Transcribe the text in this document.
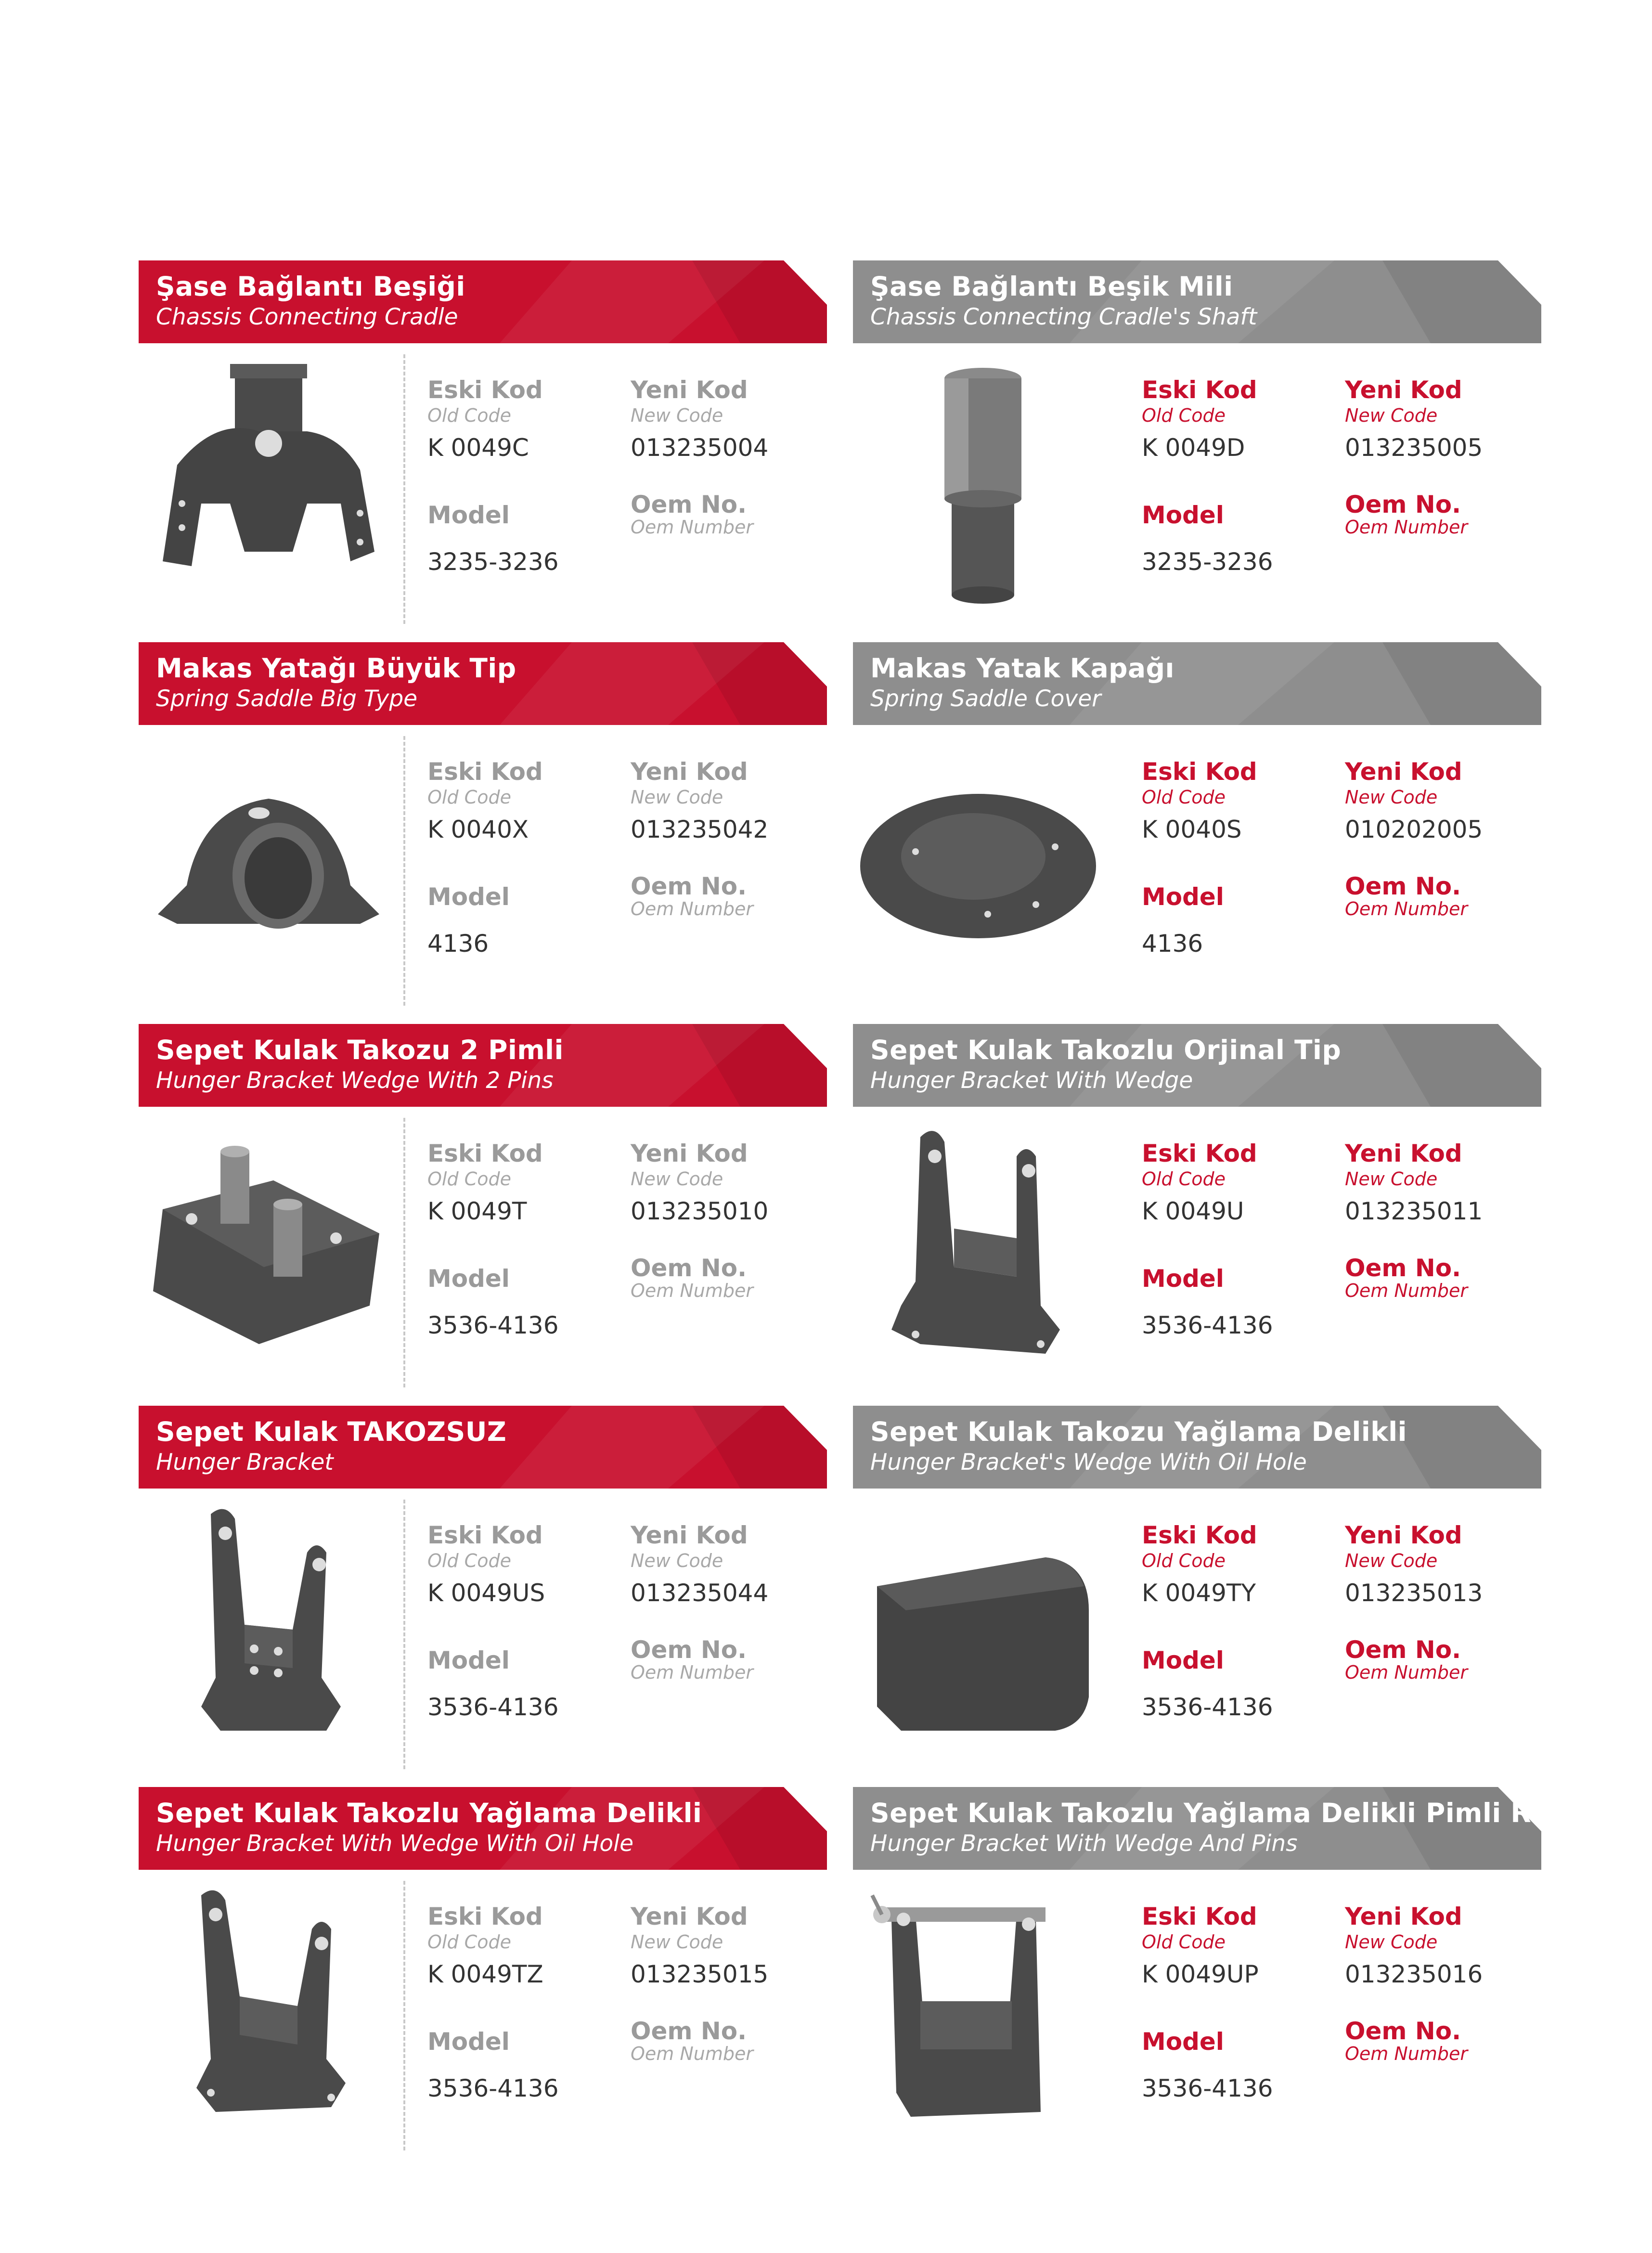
Şase Bağlantı Beşiği
Chassis Connecting Cradle
Eski Kod
Old Code
K 0049C
Yeni Kod
New Code
013235004
Model
3235-3236
Oem No.
Oem Number
Şase Bağlantı Beşik Mili
Chassis Connecting Cradle's Shaft
Eski Kod
Old Code
K 0049D
Yeni Kod
New Code
013235005
Model
3235-3236
Oem No.
Oem Number
Makas Yatağı Büyük Tip
Spring Saddle Big Type
Eski Kod
Old Code
K 0040X
Yeni Kod
New Code
013235042
Model
4136
Oem No.
Oem Number
Makas Yatak Kapağı
Spring Saddle Cover
Eski Kod
Old Code
K 0040S
Yeni Kod
New Code
010202005
Model
4136
Oem No.
Oem Number
Sepet Kulak Takozu 2 Pimli
Hunger Bracket Wedge With 2 Pins
Eski Kod
Old Code
K 0049T
Yeni Kod
New Code
013235010
Model
3536-4136
Oem No.
Oem Number
Sepet Kulak Takozlu Orjinal Tip
Hunger Bracket With Wedge
Eski Kod
Old Code
K 0049U
Yeni Kod
New Code
013235011
Model
3536-4136
Oem No.
Oem Number
Sepet Kulak TAKOZSUZ
Hunger Bracket
Eski Kod
Old Code
K 0049US
Yeni Kod
New Code
013235044
Model
3536-4136
Oem No.
Oem Number
Sepet Kulak Takozu Yağlama Delikli
Hunger Bracket's Wedge With Oil Hole
Eski Kod
Old Code
K 0049TY
Yeni Kod
New Code
013235013
Model
3536-4136
Oem No.
Oem Number
Sepet Kulak Takozlu Yağlama Delikli
Hunger Bracket With Wedge With Oil Hole
Eski Kod
Old Code
K 0049TZ
Yeni Kod
New Code
013235015
Model
3536-4136
Oem No.
Oem Number
Sepet Kulak Takozlu Yağlama Delikli Pimli Rondelalı
Hunger Bracket With Wedge And Pins
Eski Kod
Old Code
K 0049UP
Yeni Kod
New Code
013235016
Model
3536-4136
Oem No.
Oem Number
